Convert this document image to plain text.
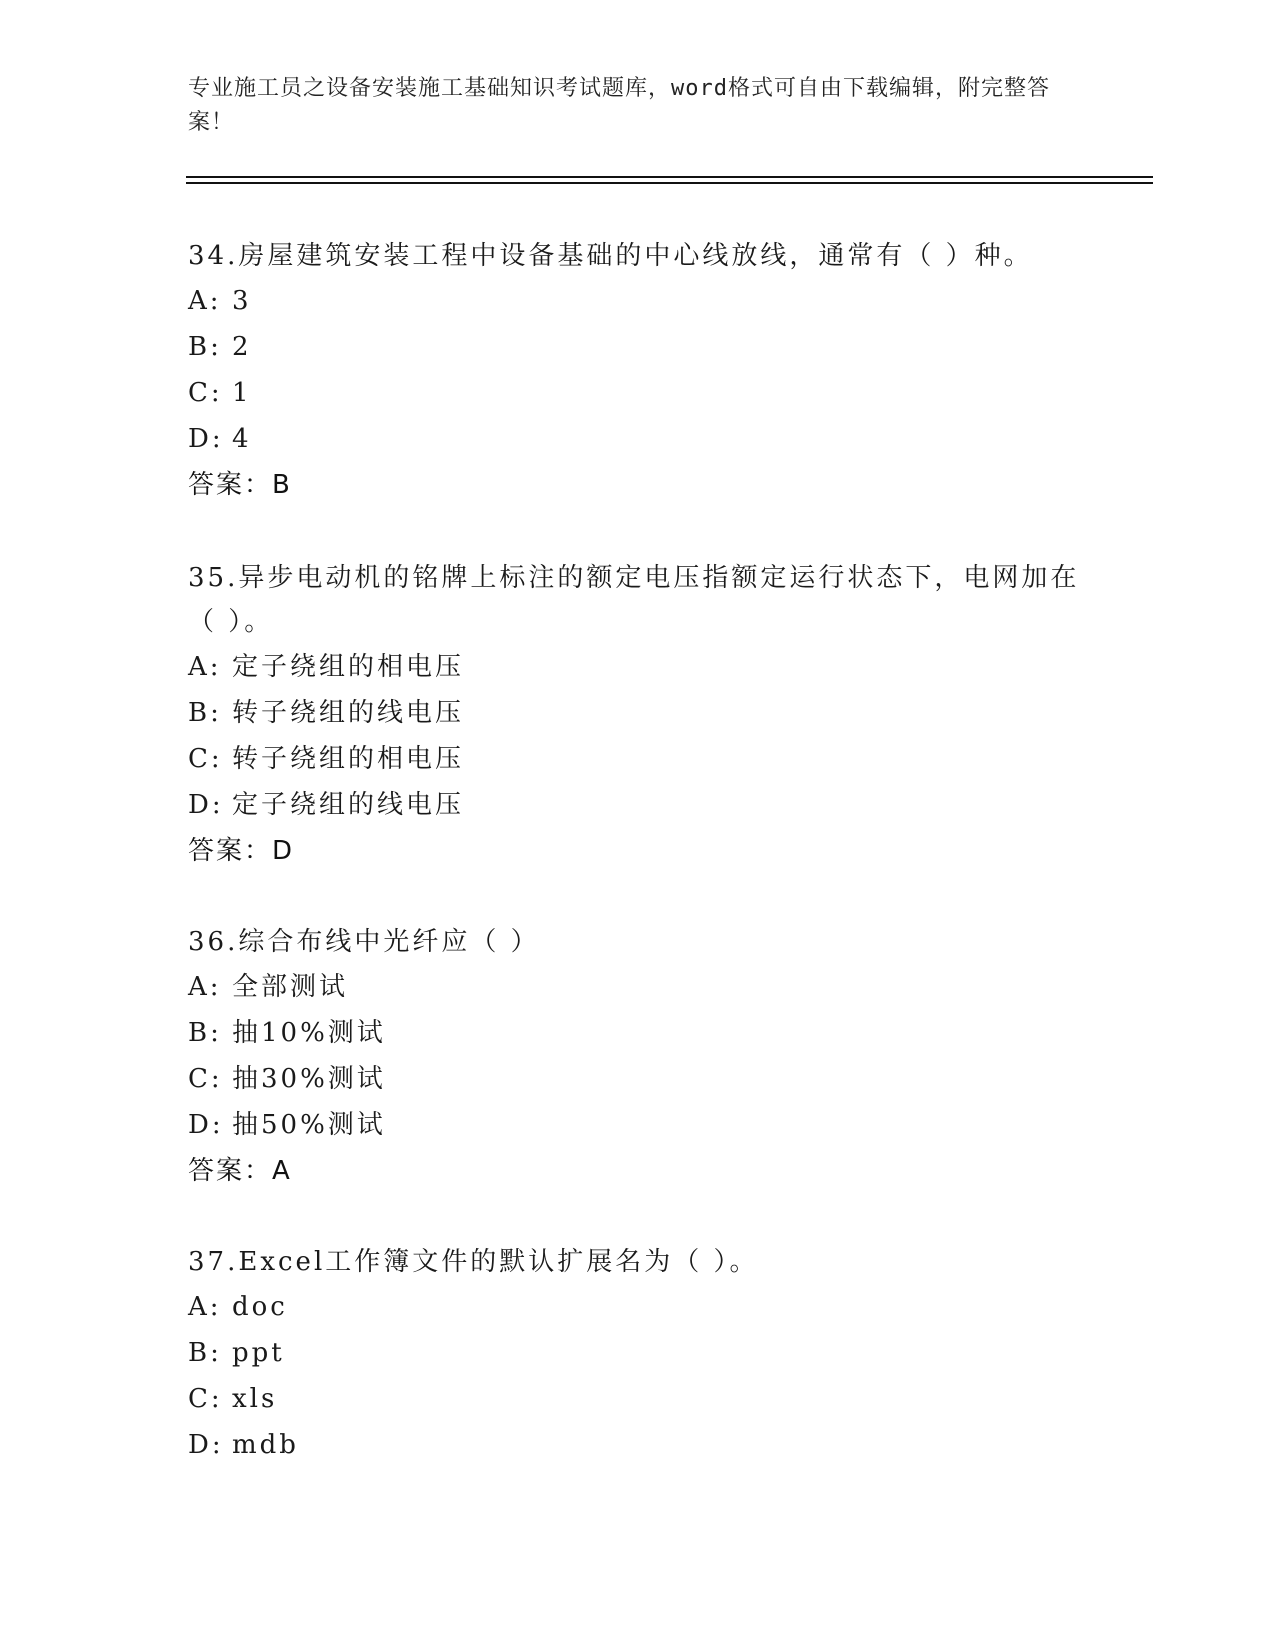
专业施工员之设备安装施工基础知识考试题库，word格式可自由下载编辑，附完整答案！

34.房屋建筑安装工程中设备基础的中心线放线，通常有（ ）种。

A: 3
B: 2
C: 1
D: 4
答案：B

35.异步电动机的铭牌上标注的额定电压指额定运行状态下，电网加在（ ）。

A: 定子绕组的相电压
B: 转子绕组的线电压
C: 转子绕组的相电压
D: 定子绕组的线电压
答案：D

36.综合布线中光纤应（ ）

A: 全部测试
B: 抽10%测试
C: 抽30%测试
D: 抽50%测试
答案：A

37.Excel工作簿文件的默认扩展名为（ ）。

A: doc
B: ppt
C: xls
D: mdb
